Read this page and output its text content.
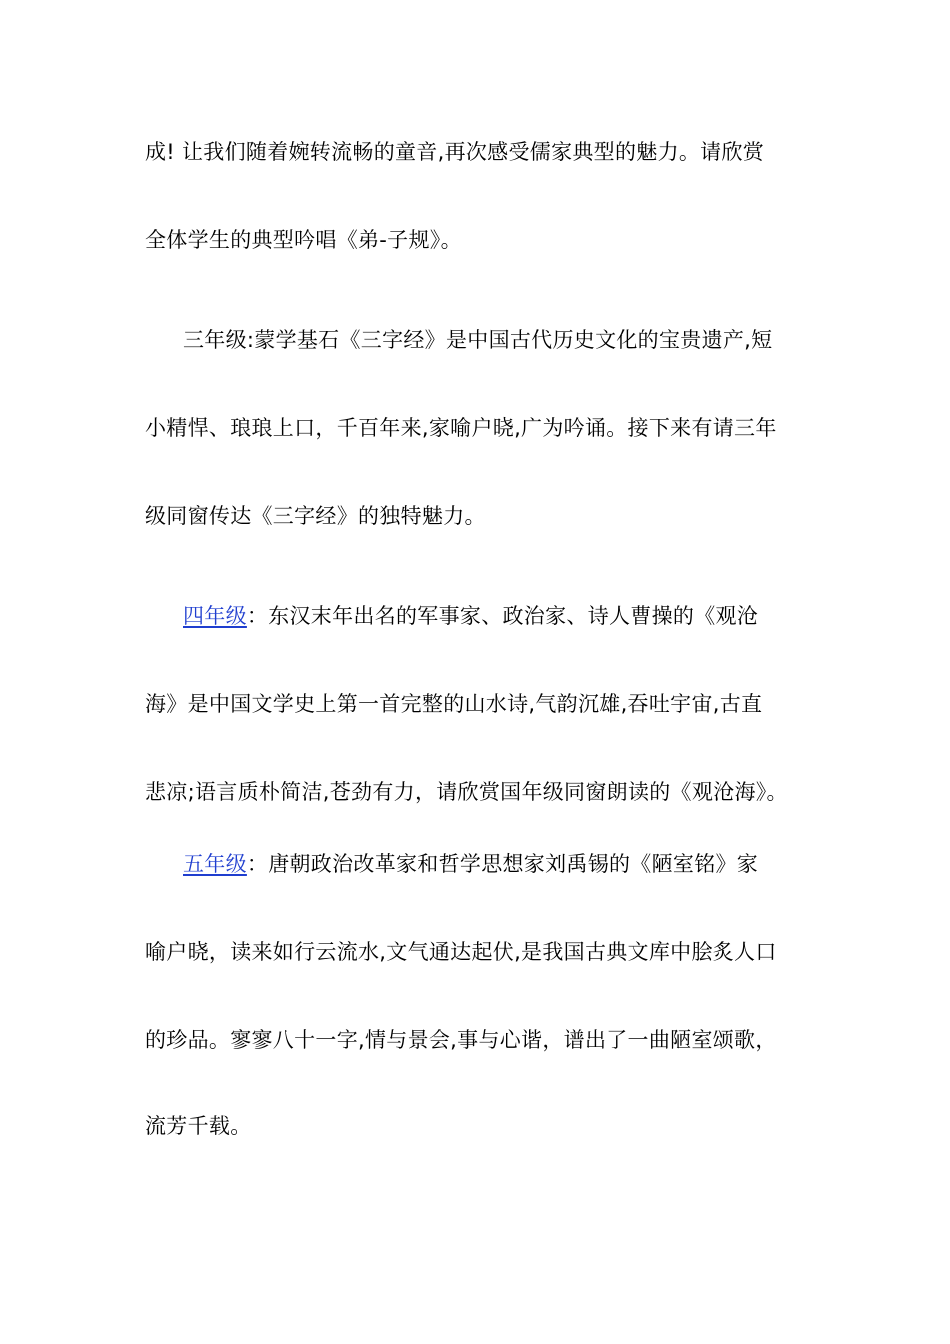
成! 让我们随着婉转流畅的童音,再次感受儒家典型的魅力。请欣赏
全体学生的典型吟唱《弟-子规》。
三年级:蒙学基石《三字经》是中国古代历史文化的宝贵遗产,短
小精悍、琅琅上口，千百年来,家喻户晓,广为吟诵。接下来有请三年
级同窗传达《三字经》的独特魅力。
四年级：东汉末年出名的军事家、政治家、诗人曹操的《观沧
海》是中国文学史上第一首完整的山水诗,气韵沉雄,吞吐宇宙,古直
悲凉;语言质朴简洁,苍劲有力，请欣赏国年级同窗朗读的《观沧海》。
五年级：唐朝政治改革家和哲学思想家刘禹锡的《陋室铭》家
喻户晓，读来如行云流水,文气通达起伏,是我国古典文库中脍炙人口
的珍品。寥寥八十一字,情与景会,事与心谐，谱出了一曲陋室颂歌，
流芳千载。
